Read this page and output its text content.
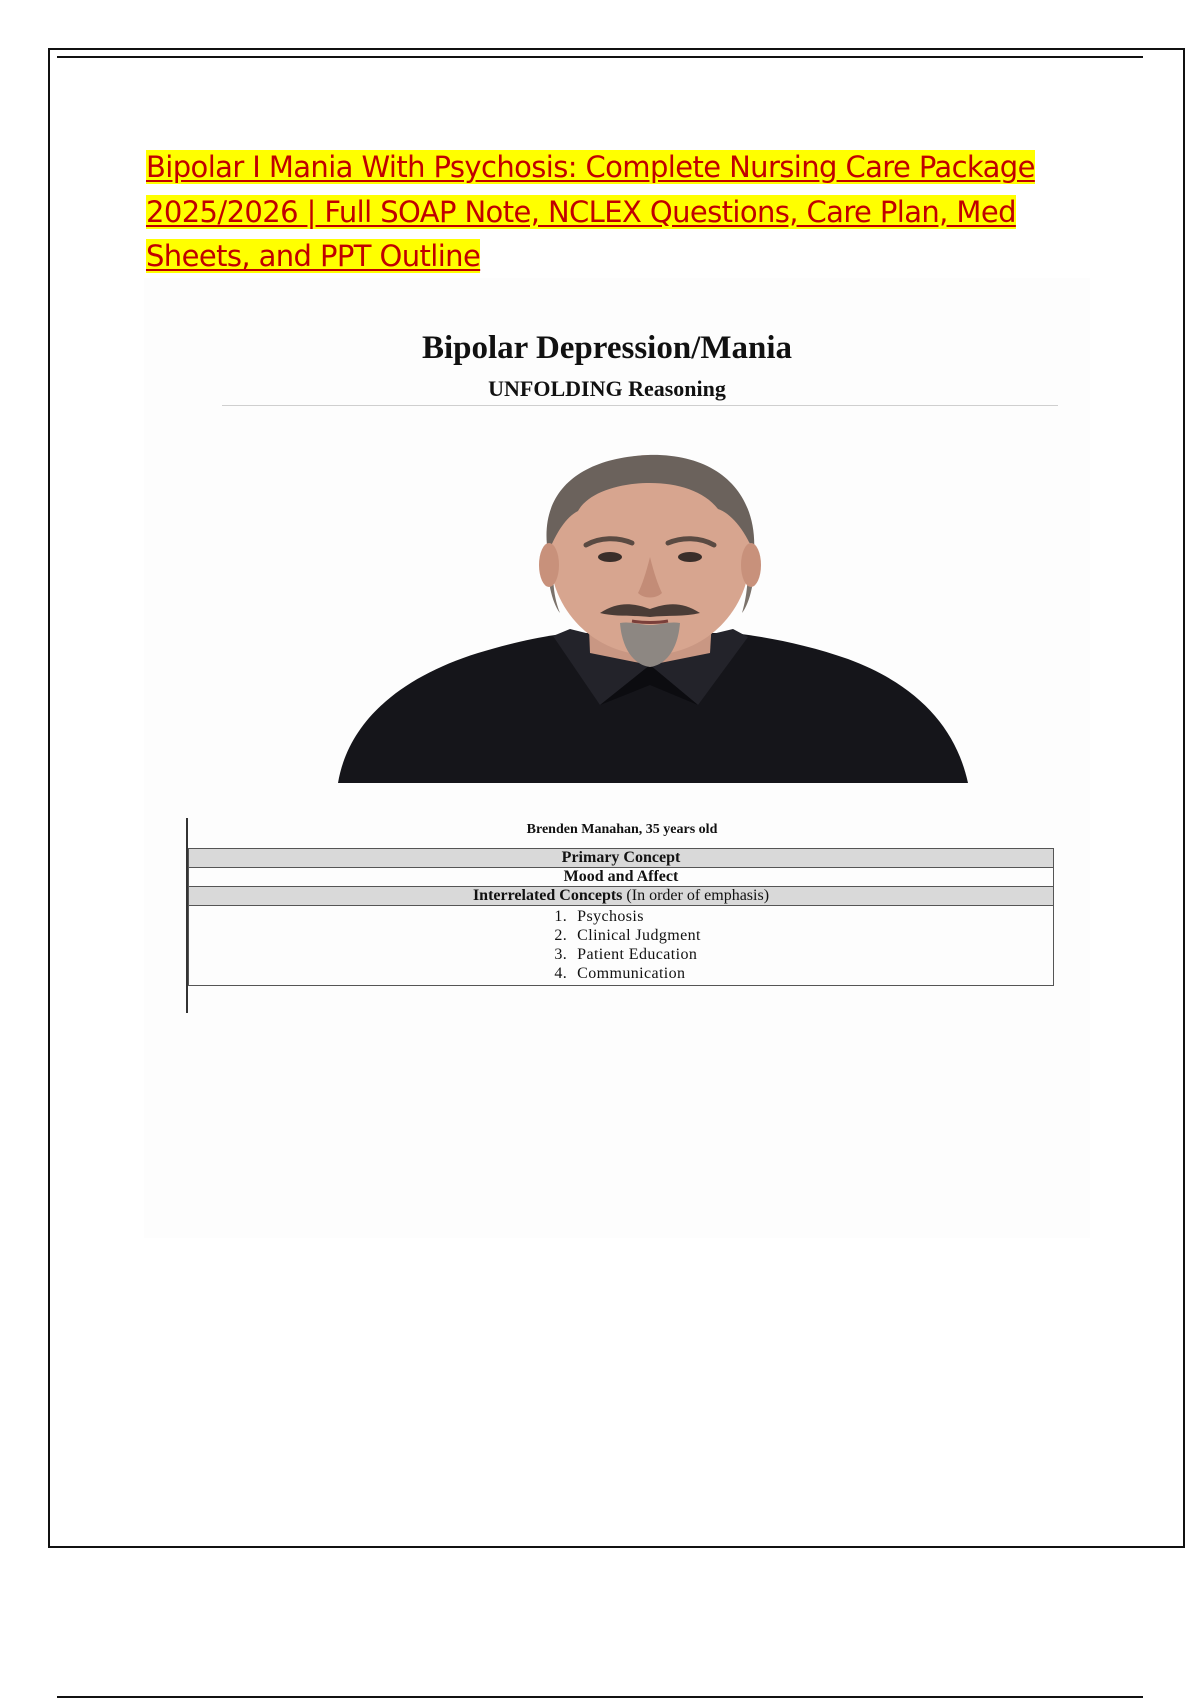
Bipolar I Mania With Psychosis: Complete Nursing Care Package 2025/2026 | Full SOAP Note, NCLEX Questions, Care Plan, Med Sheets, and PPT Outline
Bipolar Depression/Mania
UNFOLDING Reasoning
Brenden Manahan, 35 years old
Primary Concept
Mood and Affect
Interrelated Concepts (In order of emphasis)

1. Psychosis
2. Clinical Judgment
3. Patient Education
4. Communication
